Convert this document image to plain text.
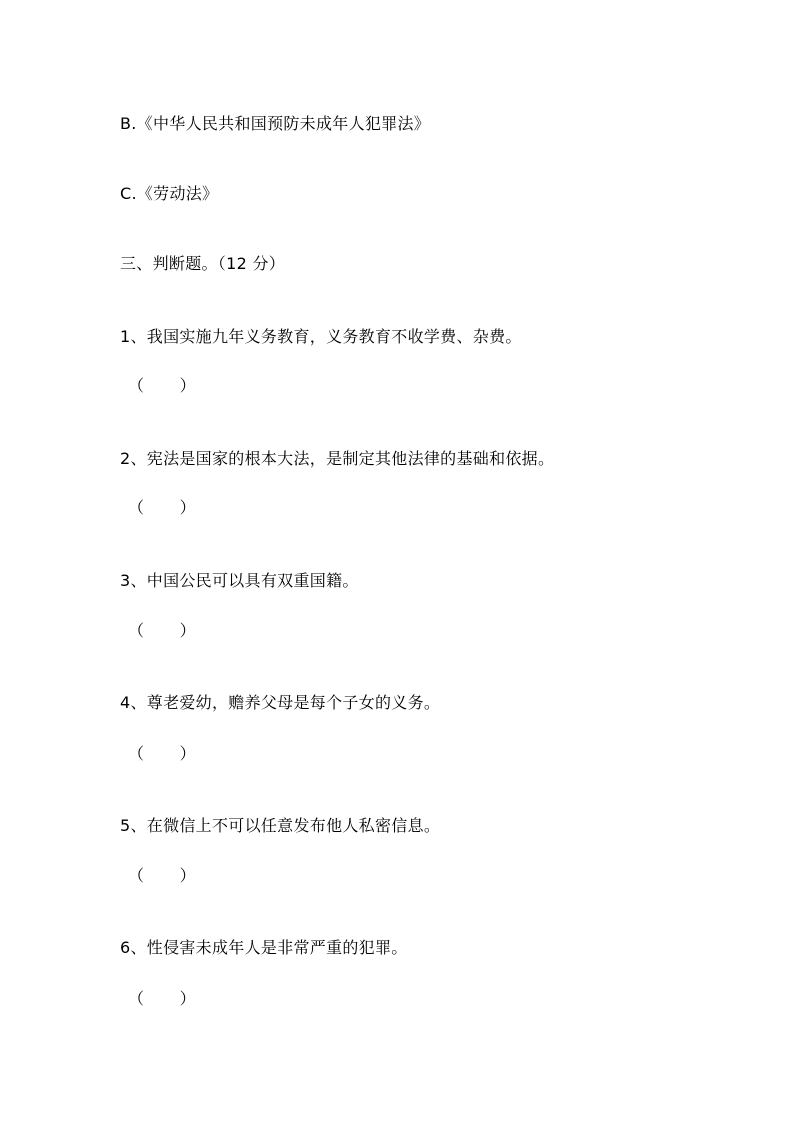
B.《中华人民共和国预防未成年人犯罪法》
C.《劳动法》
三、判断题。（12 分）
1、我国实施九年义务教育，义务教育不收学费、杂费。
（       ）
2、宪法是国家的根本大法，是制定其他法律的基础和依据。
（       ）
3、中国公民可以具有双重国籍。
（       ）
4、尊老爱幼，赡养父母是每个子女的义务。
（       ）
5、在微信上不可以任意发布他人私密信息。
（       ）
6、性侵害未成年人是非常严重的犯罪。
（       ）
